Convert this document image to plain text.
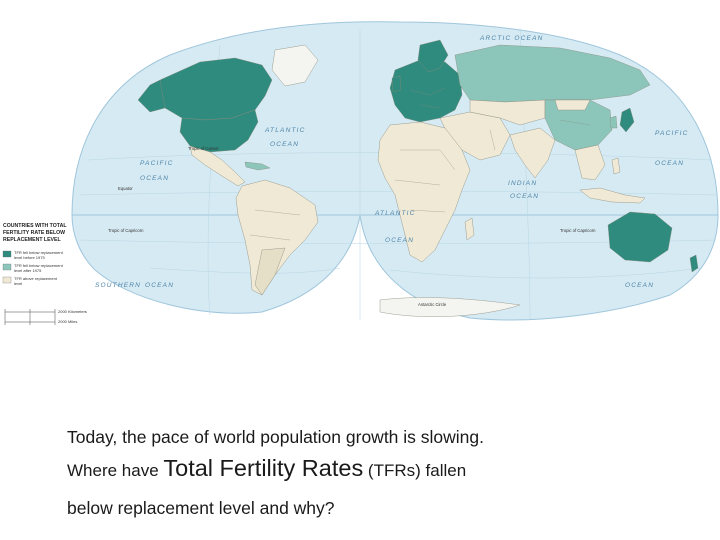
ARCTIC OCEAN
ATLANTIC
OCEAN
PACIFIC
OCEAN
PACIFIC
OCEAN
ATLANTIC
OCEAN
INDIAN
OCEAN
SOUTHERN OCEAN	OCEAN
Tropic of Cancer
Equator
Tropic of Capricorn	Tropic of Capricorn
Antarctic Circle
COUNTRIES WITH TOTAL
FERTILITY RATE BELOW
REPLACEMENT LEVEL
TFR fell below replacement
level before 1975
TFR fell below replacement
level after 1975
TFR above replacement
level
2000 Kilometers
2000 Miles
Today, the pace of world population growth is slowing.
Where have Total Fertility Rates (TFRs) fallen
below replacement level and why?
